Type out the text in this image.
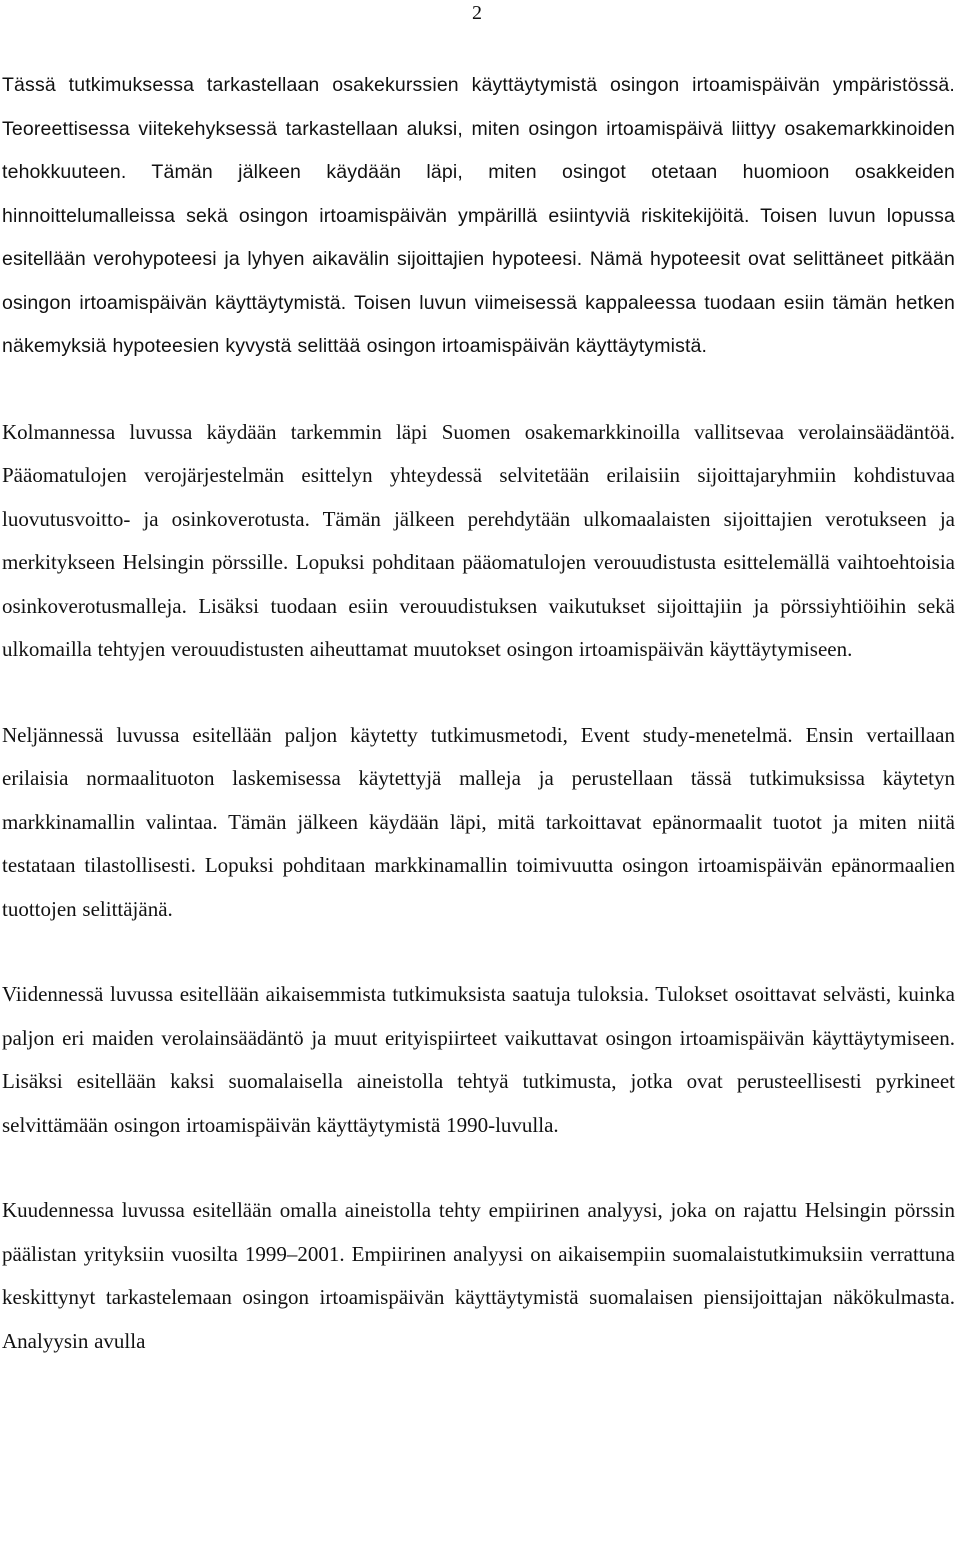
2

Tässä tutkimuksessa tarkastellaan osakekurssien käyttäytymistä osingon irtoamispäivän ympäristössä. Teoreettisessa viitekehyksessä tarkastellaan aluksi, miten osingon irtoamispäivä liittyy osakemarkkinoiden tehokkuuteen. Tämän jälkeen käydään läpi, miten osingot otetaan huomioon osakkeiden hinnoittelumalleissa sekä osingon irtoamispäivän ympärillä esiintyviä riskitekijöitä. Toisen luvun lopussa esitellään verohypoteesi ja lyhyen aikavälin sijoittajien hypoteesi. Nämä hypoteesit ovat selittäneet pitkään osingon irtoamispäivän käyttäytymistä. Toisen luvun viimeisessä kappaleessa tuodaan esiin tämän hetken näkemyksiä hypoteesien kyvystä selittää osingon irtoamispäivän käyttäytymistä.

Kolmannessa luvussa käydään tarkemmin läpi Suomen osakemarkkinoilla vallitsevaa verolainsäädäntöä. Pääomatulojen verojärjestelmän esittelyn yhteydessä selvitetään erilaisiin sijoittajaryhmiin kohdistuvaa luovutusvoitto- ja osinkoverotusta. Tämän jälkeen perehdytään ulkomaalaisten sijoittajien verotukseen ja merkitykseen Helsingin pörssille. Lopuksi pohditaan pääomatulojen verouudistusta esittelemällä vaihtoehtoisia osinkoverotusmalleja. Lisäksi tuodaan esiin verouudistuksen vaikutukset sijoittajiin ja pörssiyhtiöihin sekä ulkomailla tehtyjen verouudistusten aiheuttamat muutokset osingon irtoamispäivän käyttäytymiseen.

Neljännessä luvussa esitellään paljon käytetty tutkimusmetodi, Event study-menetelmä. Ensin vertaillaan erilaisia normaalituoton laskemisessa käytettyjä malleja ja perustellaan tässä tutkimuksissa käytetyn markkinamallin valintaa. Tämän jälkeen käydään läpi, mitä tarkoittavat epänormaalit tuotot ja miten niitä testataan tilastollisesti. Lopuksi pohditaan markkinamallin toimivuutta osingon irtoamispäivän epänormaalien tuottojen selittäjänä.

Viidennessä luvussa esitellään aikaisemmista tutkimuksista saatuja tuloksia. Tulokset osoittavat selvästi, kuinka paljon eri maiden verolainsäädäntö ja muut erityispiirteet vaikuttavat osingon irtoamispäivän käyttäytymiseen. Lisäksi esitellään kaksi suomalaisella aineistolla tehtyä tutkimusta, jotka ovat perusteellisesti pyrkineet selvittämään osingon irtoamispäivän käyttäytymistä 1990-luvulla.

Kuudennessa luvussa esitellään omalla aineistolla tehty empiirinen analyysi, joka on rajattu Helsingin pörssin päälistan yrityksiin vuosilta 1999–2001. Empiirinen analyysi on aikaisempiin suomalaistutkimuksiin verrattuna keskittynyt tarkastelemaan osingon irtoamispäivän käyttäytymistä suomalaisen piensijoittajan näkökulmasta. Analyysin avulla
